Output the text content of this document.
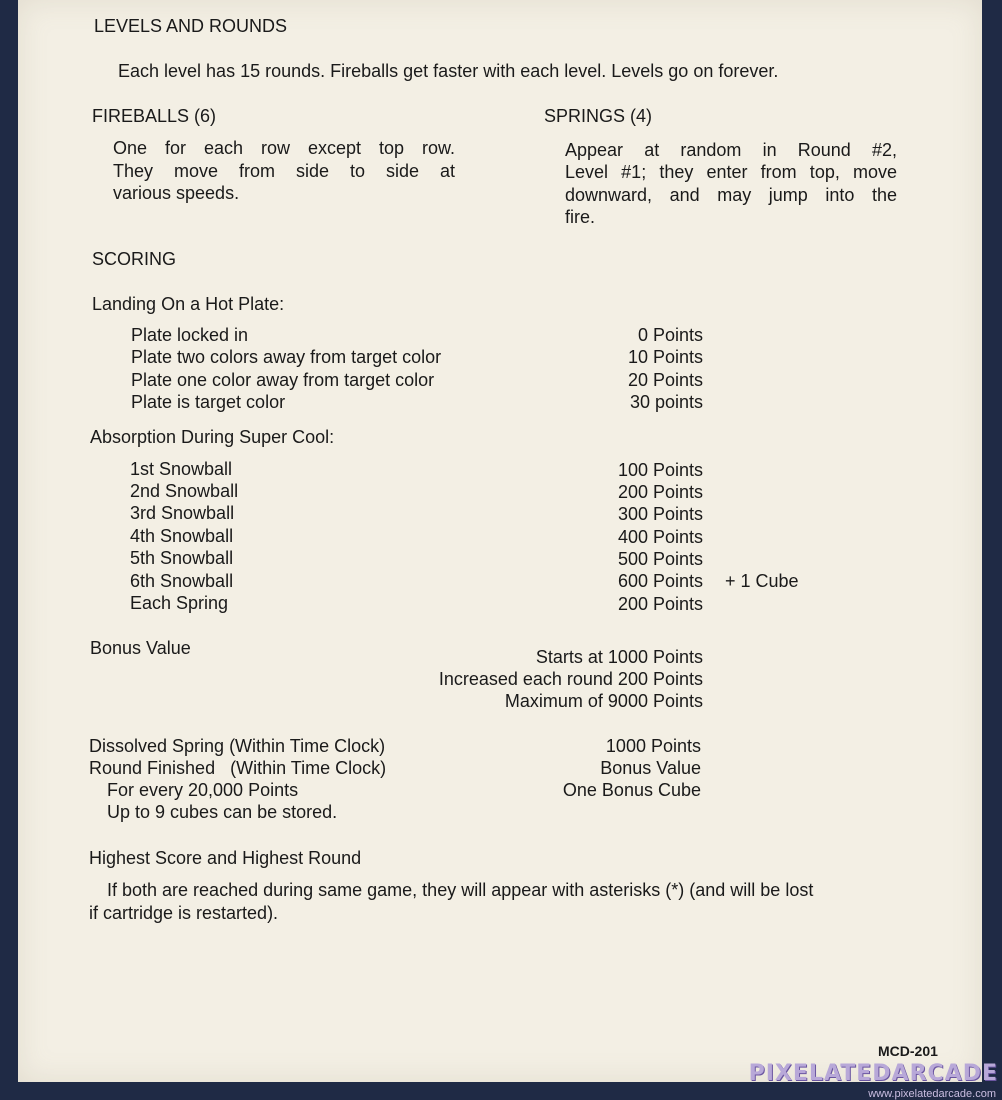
LEVELS AND ROUNDS
Each level has 15 rounds. Fireballs get faster with each level. Levels go on forever.
FIREBALLS (6)
One for each row except top row.
They move from side to side at
various speeds.
SPRINGS (4)
Appear at random in Round #2,
Level #1; they enter from top, move
downward, and may jump into the
fire.
SCORING
Landing On a Hot Plate:
Plate locked in	0 Points
Plate two colors away from target color	10 Points
Plate one color away from target color	20 Points
Plate is target color	30 points
Absorption During Super Cool:
1st Snowball	100 Points
2nd Snowball	200 Points
3rd Snowball	300 Points
4th Snowball	400 Points
5th Snowball	500 Points
6th Snowball	600 Points + 1 Cube
Each Spring	200 Points
Bonus Value	Starts at 1000 Points
Increased each round 200 Points
Maximum of 9000 Points
Dissolved Spring (Within Time Clock)	1000 Points
Round Finished   (Within Time Clock)	Bonus Value
For every 20,000 Points	One Bonus Cube
Up to 9 cubes can be stored.
Highest Score and Highest Round
If both are reached during same game, they will appear with asterisks (*) (and will be lost
if cartridge is restarted).
MCD-201
PIXELATEDARCADE
www.pixelatedarcade.com
